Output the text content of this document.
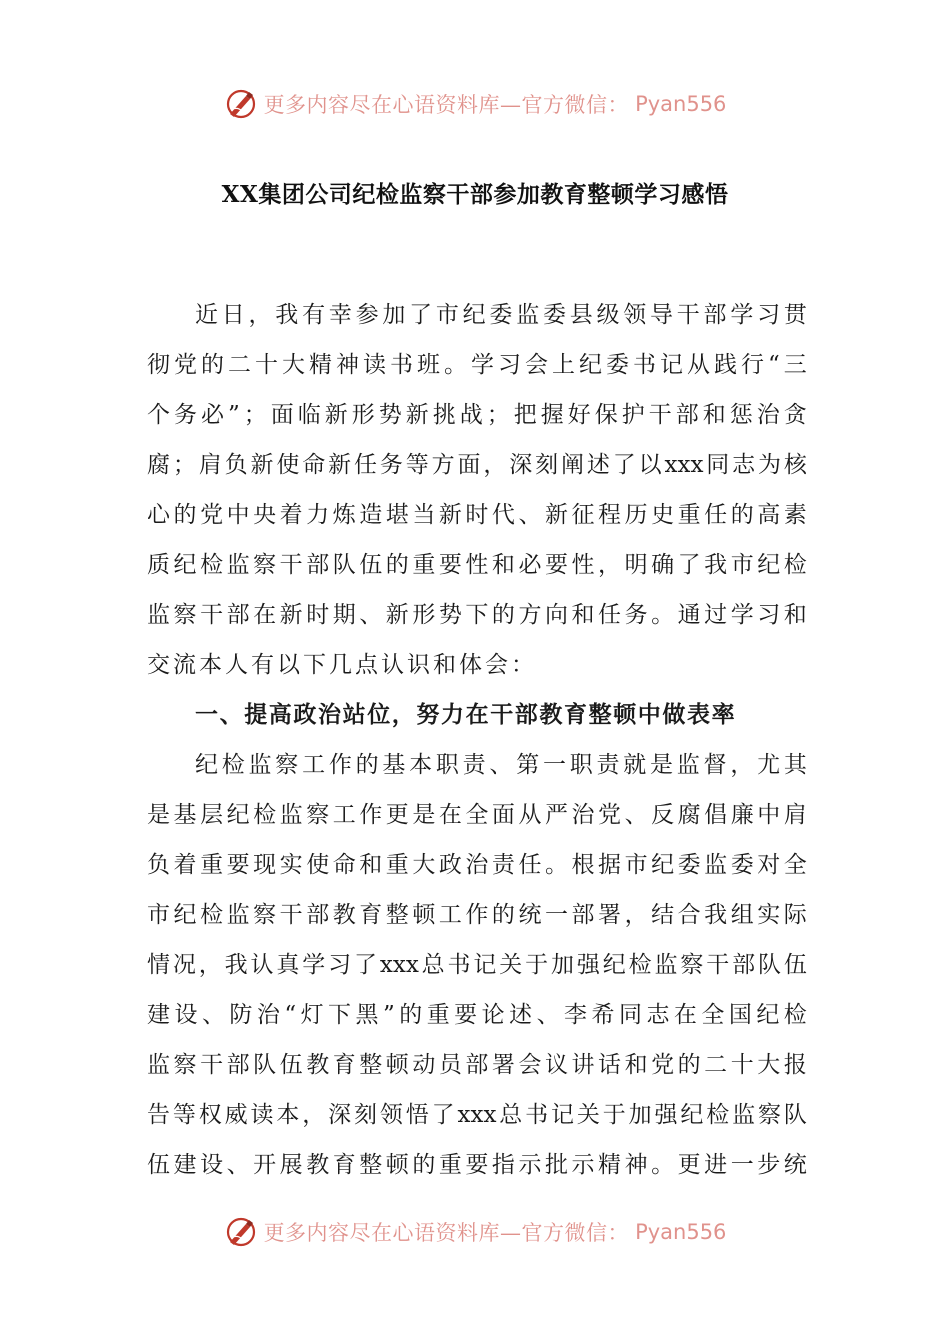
更多内容尽在心语资料库—官方微信： Pyan556
XX集团公司纪检监察干部参加教育整顿学习感悟
近 日 ， 我 有 幸 参 加 了 市 纪 委 监 委 县 级 领 导 干 部 学 习 贯
彻 党 的 二 十 大 精 神 读 书 班 。 学 习 会 上 纪 委 书 记 从 践 行 “ 三
个 务 必 ” ； 面 临 新 形 势 新 挑 战 ； 把 握 好 保 护 干 部 和 惩 治 贪
腐 ； 肩 负 新 使 命 新 任 务 等 方 面 ， 深 刻 阐 述 了 以 xxx 同 志 为 核
心 的 党 中 央 着 力 炼 造 堪 当 新 时 代 、 新 征 程 历 史 重 任 的 高 素
质 纪 检 监 察 干 部 队 伍 的 重 要 性 和 必 要 性 ， 明 确 了 我 市 纪 检
监 察 干 部 在 新 时 期 、 新 形 势 下 的 方 向 和 任 务 。 通 过 学 习 和
交流本人有以下几点认识和体会：
一、提高政治站位，努力在干部教育整顿中做表率
纪 检 监 察 工 作 的 基 本 职 责 、 第 一 职 责 就 是 监 督 ， 尤 其
是 基 层 纪 检 监 察 工 作 更 是 在 全 面 从 严 治 党 、 反 腐 倡 廉 中 肩
负 着 重 要 现 实 使 命 和 重 大 政 治 责 任 。 根 据 市 纪 委 监 委 对 全
市 纪 检 监 察 干 部 教 育 整 顿 工 作 的 统 一 部 署 ， 结 合 我 组 实 际
情 况 ， 我 认 真 学 习 了 xxx 总 书 记 关 于 加 强 纪 检 监 察 干 部 队 伍
建 设 、 防 治 “ 灯 下 黑 ” 的 重 要 论 述 、 李 希 同 志 在 全 国 纪 检
监 察 干 部 队 伍 教 育 整 顿 动 员 部 署 会 议 讲 话 和 党 的 二 十 大 报
告 等 权 威 读 本 ， 深 刻 领 悟 了 xxx 总 书 记 关 于 加 强 纪 检 监 察 队
伍 建 设 、 开 展 教 育 整 顿 的 重 要 指 示 批 示 精 神 。 更 进 一 步 统
更多内容尽在心语资料库—官方微信： Pyan556
